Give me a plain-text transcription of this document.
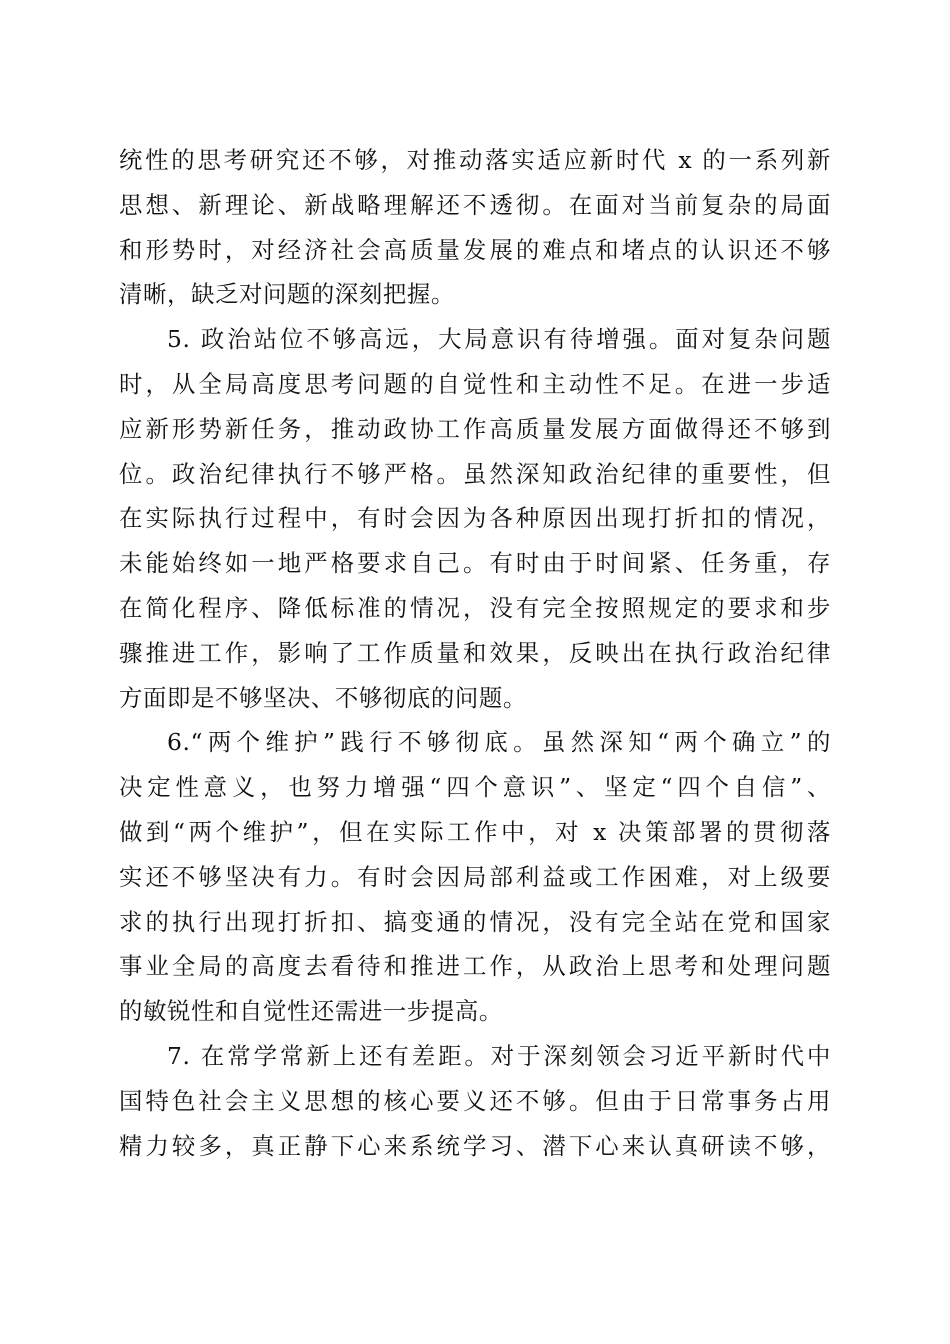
统性的思考研究还不够，对推动落实适应新时代 x 的一系列新
思想、新理论、新战略理解还不透彻。在面对当前复杂的局面
和形势时，对经济社会高质量发展的难点和堵点的认识还不够
清晰，缺乏对问题的深刻把握。
5. 政治站位不够高远，大局意识有待增强。面对复杂问题
时，从全局高度思考问题的自觉性和主动性不足。在进一步适
应新形势新任务，推动政协工作高质量发展方面做得还不够到
位。政治纪律执行不够严格。虽然深知政治纪律的重要性，但
在实际执行过程中，有时会因为各种原因出现打折扣的情况，
未能始终如一地严格要求自己。有时由于时间紧、任务重，存
在简化程序、降低标准的情况，没有完全按照规定的要求和步
骤推进工作，影响了工作质量和效果，反映出在执行政治纪律
方面即是不够坚决、不够彻底的问题。
6.“两个维护”践行不够彻底。虽然深知“两个确立”的
决定性意义，也努力增强“四个意识”、坚定“四个自信”、
做到“两个维护”，但在实际工作中，对 x 决策部署的贯彻落
实还不够坚决有力。有时会因局部利益或工作困难，对上级要
求的执行出现打折扣、搞变通的情况，没有完全站在党和国家
事业全局的高度去看待和推进工作，从政治上思考和处理问题
的敏锐性和自觉性还需进一步提高。
7. 在常学常新上还有差距。对于深刻领会习近平新时代中
国特色社会主义思想的核心要义还不够。但由于日常事务占用
精力较多，真正静下心来系统学习、潜下心来认真研读不够，
